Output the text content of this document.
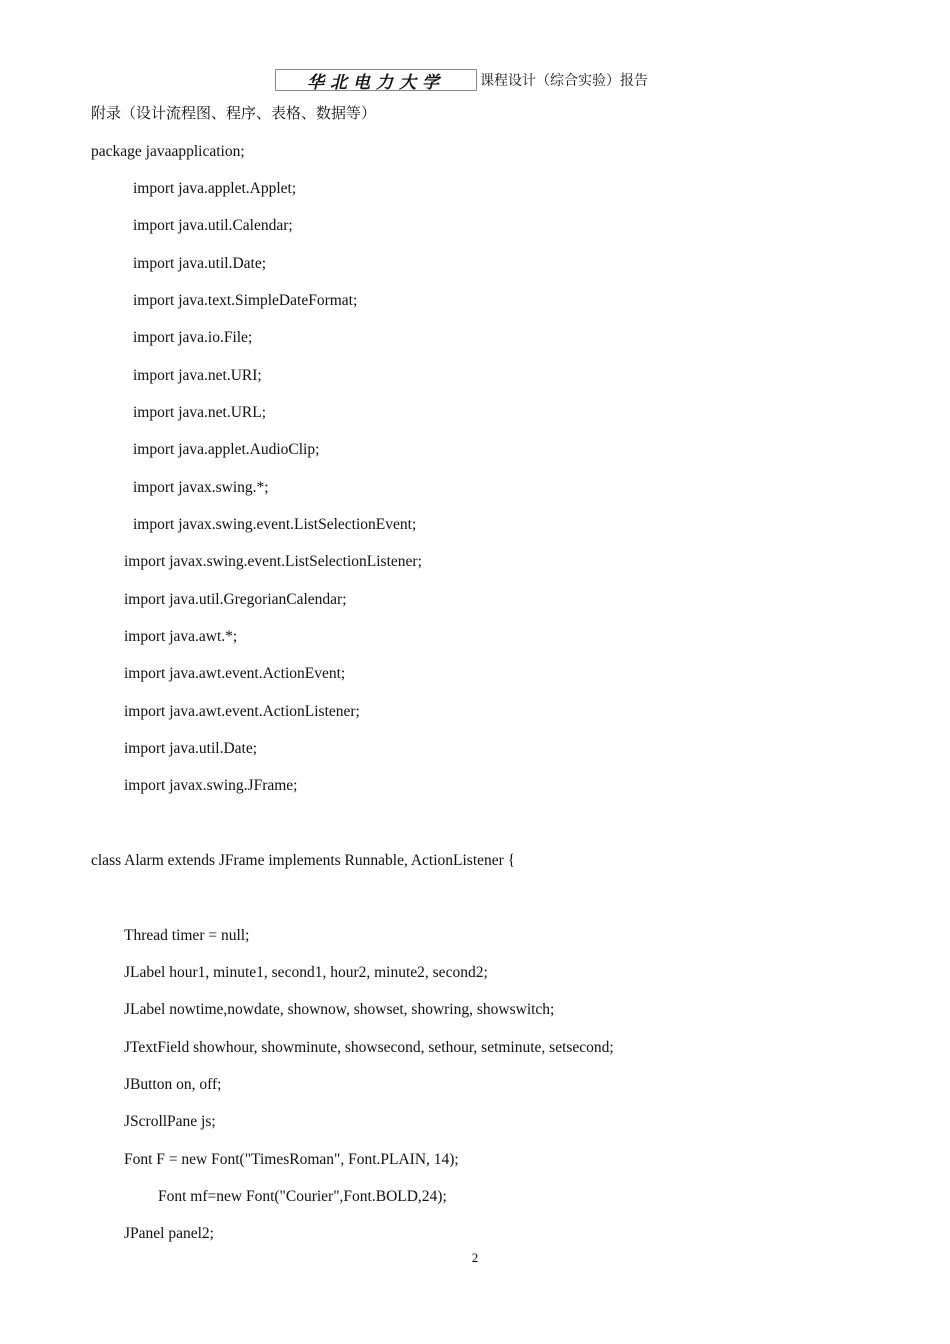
华北电力大学	课程设计（综合实验）报告
附录（设计流程图、程序、表格、数据等）
package javaapplication;
import java.applet.Applet;
import java.util.Calendar;
import java.util.Date;
import java.text.SimpleDateFormat;
import java.io.File;
import java.net.URI;
import java.net.URL;
import java.applet.AudioClip;
import javax.swing.*;
import javax.swing.event.ListSelectionEvent;
import javax.swing.event.ListSelectionListener;
import java.util.GregorianCalendar;
import java.awt.*;
import java.awt.event.ActionEvent;
import java.awt.event.ActionListener;
import java.util.Date;
import javax.swing.JFrame;
class Alarm extends JFrame implements Runnable, ActionListener {
Thread timer = null;
JLabel hour1, minute1, second1, hour2, minute2, second2;
JLabel nowtime,nowdate, shownow, showset, showring, showswitch;
JTextField showhour, showminute, showsecond, sethour, setminute, setsecond;
JButton on, off;
JScrollPane js;
Font F = new Font("TimesRoman", Font.PLAIN, 14);
Font mf=new Font("Courier",Font.BOLD,24);
JPanel panel2;
2
